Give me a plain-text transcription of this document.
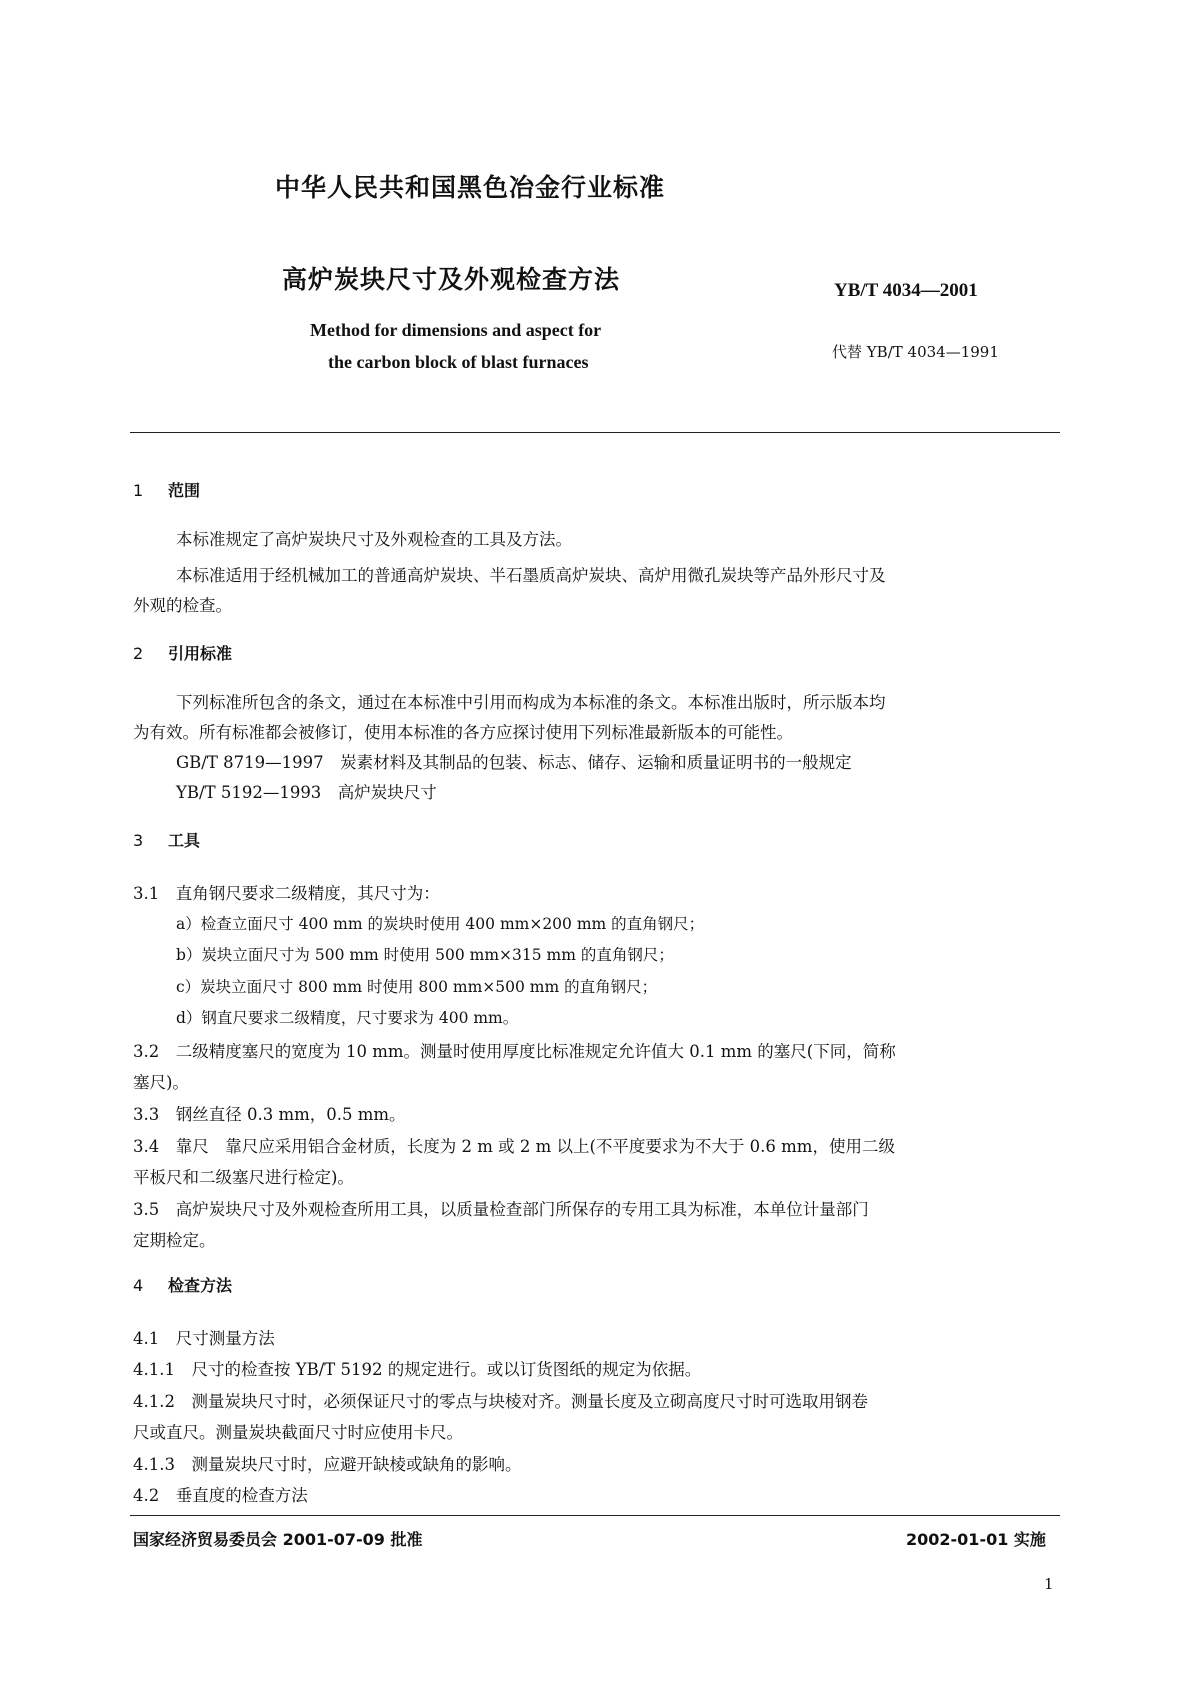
中华人民共和国黑色冶金行业标准
高炉炭块尺寸及外观检查方法	YB/T 4034—2001
Method for dimensions and aspect for
the carbon block of blast furnaces	代替 YB/T 4034—1991
1 范围
本标准规定了高炉炭块尺寸及外观检查的工具及方法。
本标准适用于经机械加工的普通高炉炭块、半石墨质高炉炭块、高炉用微孔炭块等产品外形尺寸及
外观的检查。
2 引用标准
下列标准所包含的条文，通过在本标准中引用而构成为本标准的条文。本标准出版时，所示版本均
为有效。所有标准都会被修订，使用本标准的各方应探讨使用下列标准最新版本的可能性。
GB/T 8719—1997　炭素材料及其制品的包装、标志、储存、运输和质量证明书的一般规定
YB/T 5192—1993　高炉炭块尺寸
3 工具
3.1　直角钢尺要求二级精度，其尺寸为：
a）检查立面尺寸 400 mm 的炭块时使用 400 mm×200 mm 的直角钢尺；
b）炭块立面尺寸为 500 mm 时使用 500 mm×315 mm 的直角钢尺；
c）炭块立面尺寸 800 mm 时使用 800 mm×500 mm 的直角钢尺；
d）钢直尺要求二级精度，尺寸要求为 400 mm。
3.2　二级精度塞尺的宽度为 10 mm。测量时使用厚度比标准规定允许值大 0.1 mm 的塞尺(下同，简称
塞尺)。
3.3　钢丝直径 0.3 mm，0.5 mm。
3.4　靠尺　靠尺应采用铝合金材质，长度为 2 m 或 2 m 以上(不平度要求为不大于 0.6 mm，使用二级
平板尺和二级塞尺进行检定)。
3.5　高炉炭块尺寸及外观检查所用工具，以质量检查部门所保存的专用工具为标准，本单位计量部门
定期检定。
4 检查方法
4.1　尺寸测量方法
4.1.1　尺寸的检查按 YB/T 5192 的规定进行。或以订货图纸的规定为依据。
4.1.2　测量炭块尺寸时，必须保证尺寸的零点与块棱对齐。测量长度及立砌高度尺寸时可选取用钢卷
尺或直尺。测量炭块截面尺寸时应使用卡尺。
4.1.3　测量炭块尺寸时，应避开缺棱或缺角的影响。
4.2　垂直度的检查方法
国家经济贸易委员会 2001-07-09 批准	2002-01-01 实施
1
